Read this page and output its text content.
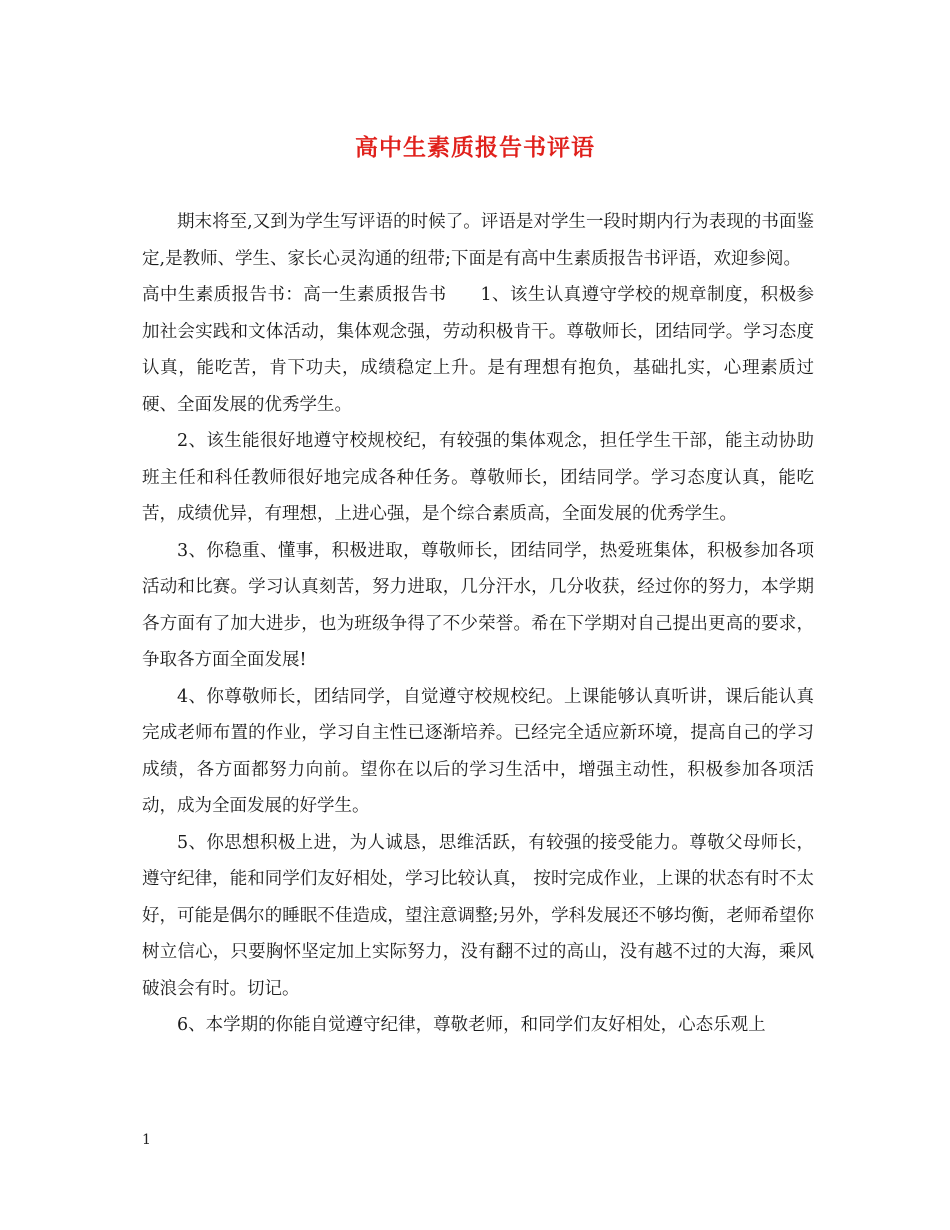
高中生素质报告书评语

期末将至,又到为学生写评语的时候了。评语是对学生一段时期内行为表现的书面鉴定,是教师、学生、家长心灵沟通的纽带;下面是有高中生素质报告书评语，欢迎参阅。

高中生素质报告书：高一生素质报告书 1、该生认真遵守学校的规章制度，积极参加社会实践和文体活动，集体观念强，劳动积极肯干。尊敬师长，团结同学。学习态度认真，能吃苦，肯下功夫，成绩稳定上升。是有理想有抱负，基础扎实，心理素质过硬、全面发展的优秀学生。

2、该生能很好地遵守校规校纪，有较强的集体观念，担任学生干部，能主动协助班主任和科任教师很好地完成各种任务。尊敬师长，团结同学。学习态度认真，能吃苦，成绩优异，有理想，上进心强，是个综合素质高，全面发展的优秀学生。

3、你稳重、懂事，积极进取，尊敬师长，团结同学，热爱班集体，积极参加各项活动和比赛。学习认真刻苦，努力进取，几分汗水，几分收获，经过你的努力，本学期各方面有了加大进步，也为班级争得了不少荣誉。希在下学期对自己提出更高的要求，争取各方面全面发展!

4、你尊敬师长，团结同学，自觉遵守校规校纪。上课能够认真听讲，课后能认真完成老师布置的作业，学习自主性已逐渐培养。已经完全适应新环境，提高自己的学习成绩，各方面都努力向前。望你在以后的学习生活中，增强主动性，积极参加各项活动，成为全面发展的好学生。

5、你思想积极上进，为人诚恳，思维活跃，有较强的接受能力。尊敬父母师长，遵守纪律，能和同学们友好相处，学习比较认真， 按时完成作业，上课的状态有时不太好，可能是偶尔的睡眠不佳造成，望注意调整;另外，学科发展还不够均衡，老师希望你树立信心，只要胸怀坚定加上实际努力，没有翻不过的高山，没有越不过的大海，乘风破浪会有时。切记。

6、本学期的你能自觉遵守纪律，尊敬老师，和同学们友好相处，心态乐观上

1
